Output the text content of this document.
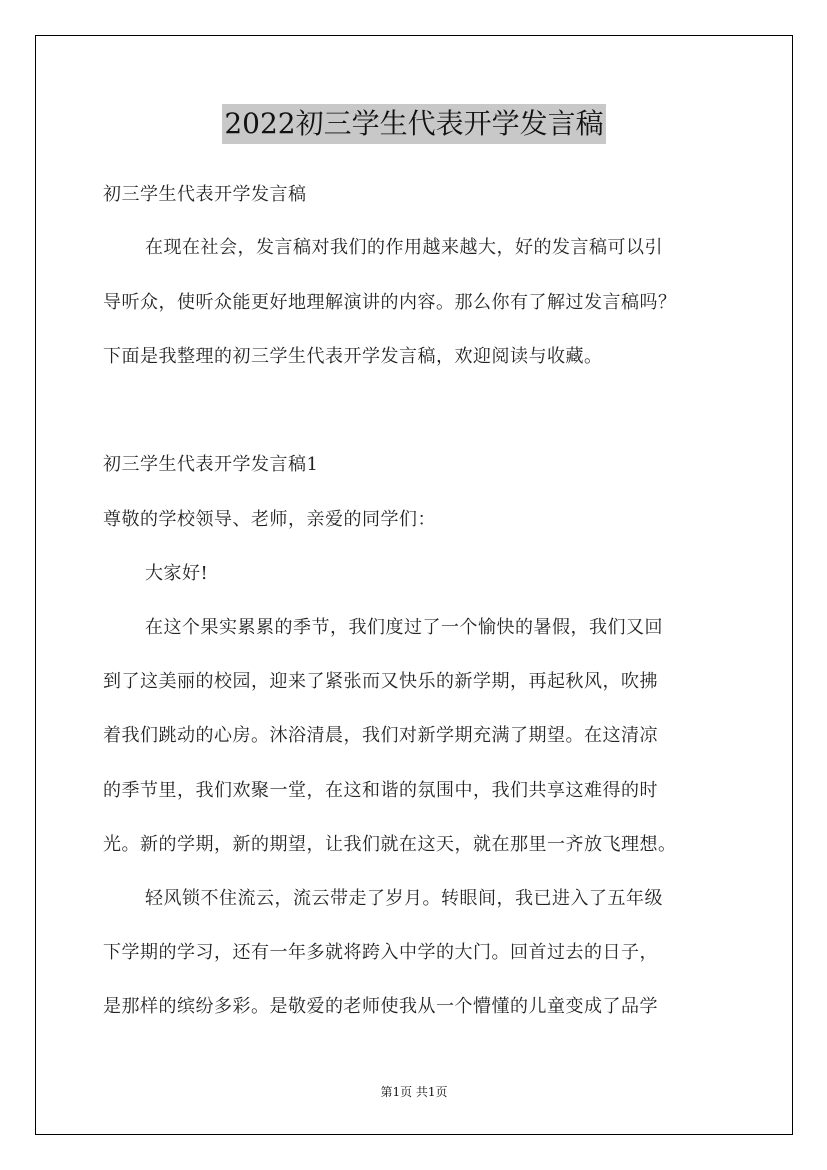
2022初三学生代表开学发言稿
初三学生代表开学发言稿
在现在社会，发言稿对我们的作用越来越大，好的发言稿可以引
导听众，使听众能更好地理解演讲的内容。那么你有了解过发言稿吗？
下面是我整理的初三学生代表开学发言稿，欢迎阅读与收藏。
初三学生代表开学发言稿1
尊敬的学校领导、老师，亲爱的同学们：
大家好!
在这个果实累累的季节，我们度过了一个愉快的暑假，我们又回
到了这美丽的校园，迎来了紧张而又快乐的新学期，再起秋风，吹拂
着我们跳动的心房。沐浴清晨，我们对新学期充满了期望。在这清凉
的季节里，我们欢聚一堂，在这和谐的氛围中，我们共享这难得的时
光。新的学期，新的期望，让我们就在这天，就在那里一齐放飞理想。
轻风锁不住流云，流云带走了岁月。转眼间，我已进入了五年级
下学期的学习，还有一年多就将跨入中学的大门。回首过去的日子，
是那样的缤纷多彩。是敬爱的老师使我从一个懵懂的儿童变成了品学
第1页 共1页
